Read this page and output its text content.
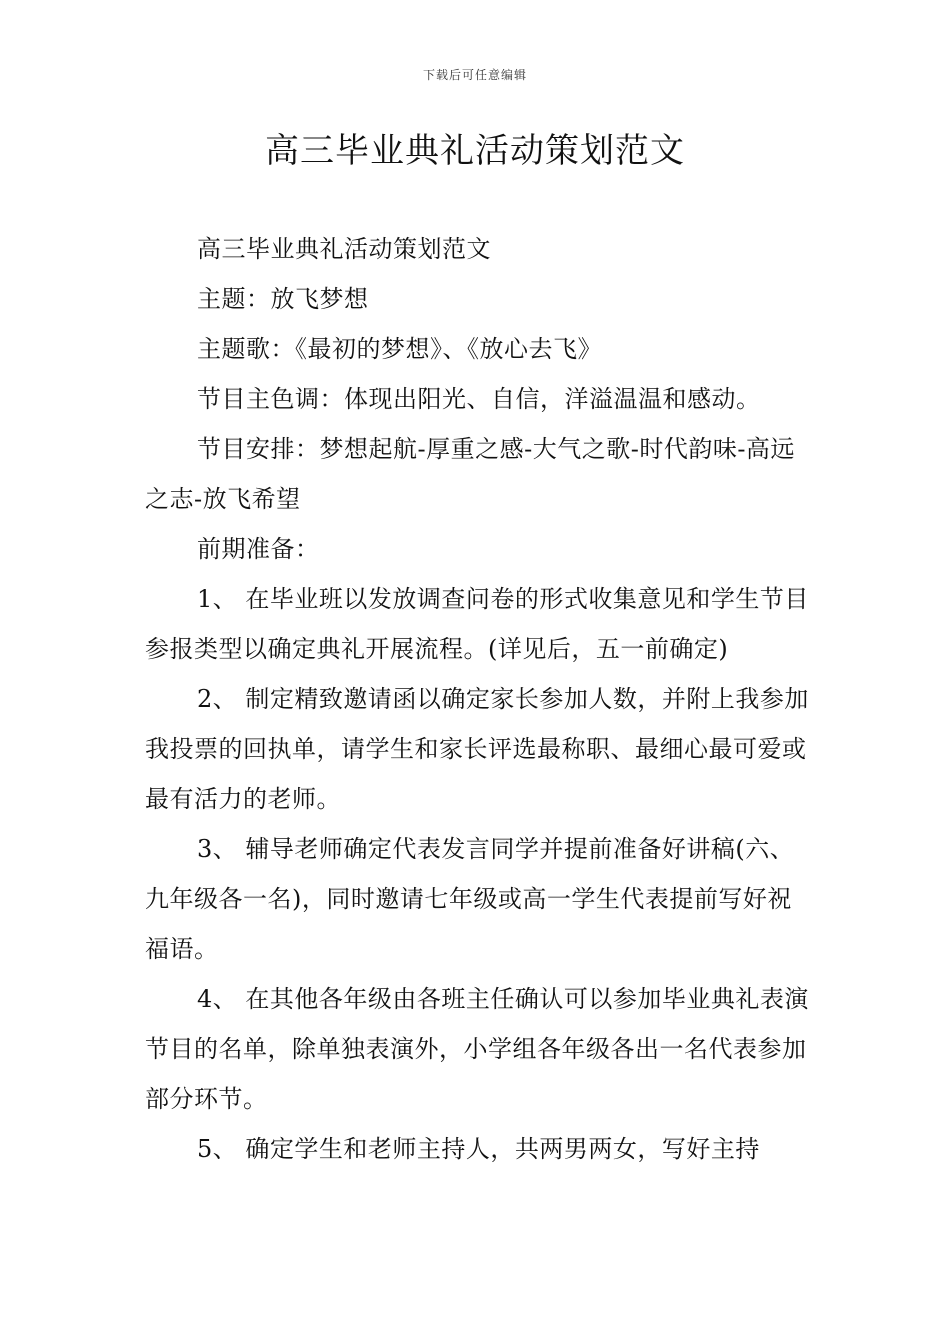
下载后可任意编辑
高三毕业典礼活动策划范文

高三毕业典礼活动策划范文

主题：放飞梦想

主题歌：《最初的梦想》、《放心去飞》

节目主色调：体现出阳光、自信，洋溢温温和感动。

节目安排：梦想起航-厚重之感-大气之歌-时代韵味-高远之志-放飞希望

前期准备：

1、 在毕业班以发放调查问卷的形式收集意见和学生节目参报类型以确定典礼开展流程。(详见后，五一前确定)

2、 制定精致邀请函以确定家长参加人数，并附上我参加我投票的回执单，请学生和家长评选最称职、最细心最可爱或最有活力的老师。

3、 辅导老师确定代表发言同学并提前准备好讲稿(六、九年级各一名)，同时邀请七年级或高一学生代表提前写好祝福语。

4、 在其他各年级由各班主任确认可以参加毕业典礼表演节目的名单，除单独表演外，小学组各年级各出一名代表参加部分环节。

5、 确定学生和老师主持人，共两男两女，写好主持
